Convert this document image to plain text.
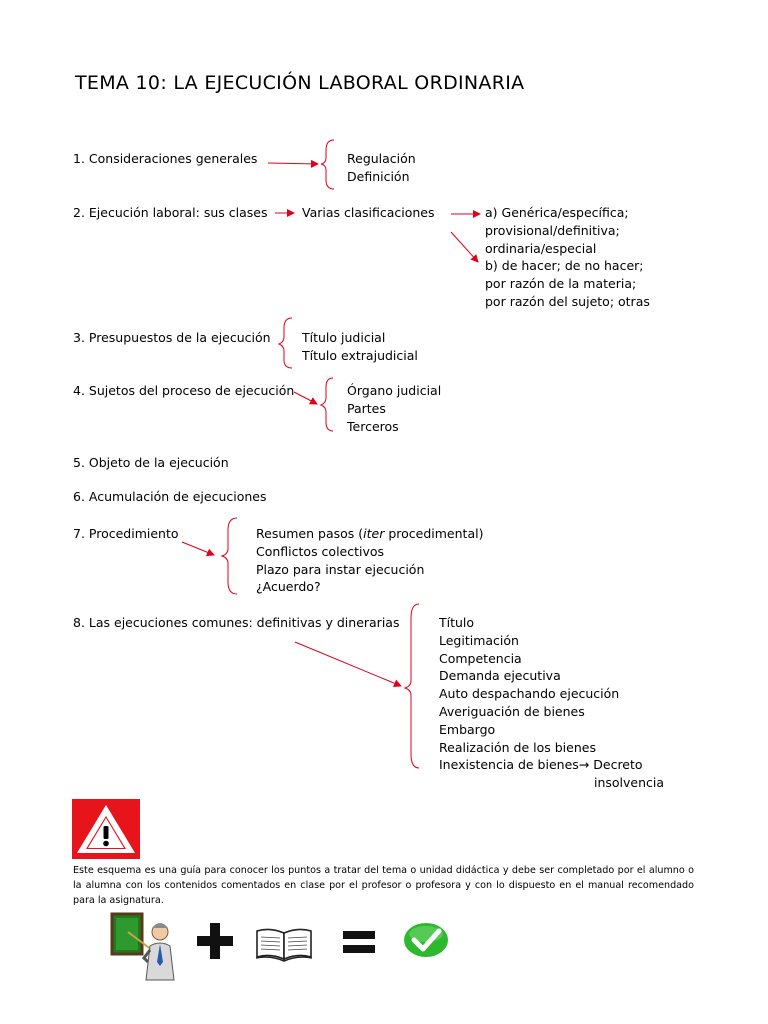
TEMA 10: LA EJECUCIÓN LABORAL ORDINARIA
1. Consideraciones generales	Regulación
Definición
2. Ejecución laboral: sus clases	Varias clasificaciones	a) Genérica/específica;
provisional/definitiva;
ordinaria/especial
b) de hacer; de no hacer;
por razón de la materia;
por razón del sujeto; otras
3. Presupuestos de la ejecución	Título judicial
Título extrajudicial
4. Sujetos del proceso de ejecución	Órgano judicial
Partes
Terceros
5. Objeto de la ejecución
6. Acumulación de ejecuciones
7. Procedimiento	Resumen pasos (iter procedimental)
Conflictos colectivos
Plazo para instar ejecución
¿Acuerdo?
8. Las ejecuciones comunes: definitivas y dinerarias	Título
Legitimación
Competencia
Demanda ejecutiva
Auto despachando ejecución
Averiguación de bienes
Embargo
Realización de los bienes
Inexistencia de bienes→ Decreto
insolvencia
Este esquema es una guía para conocer los puntos a tratar del tema o unidad didáctica y debe ser completado por el alumno o la alumna con los contenidos comentados en clase por el profesor o profesora y con lo dispuesto en el manual recomendado para la asignatura.
